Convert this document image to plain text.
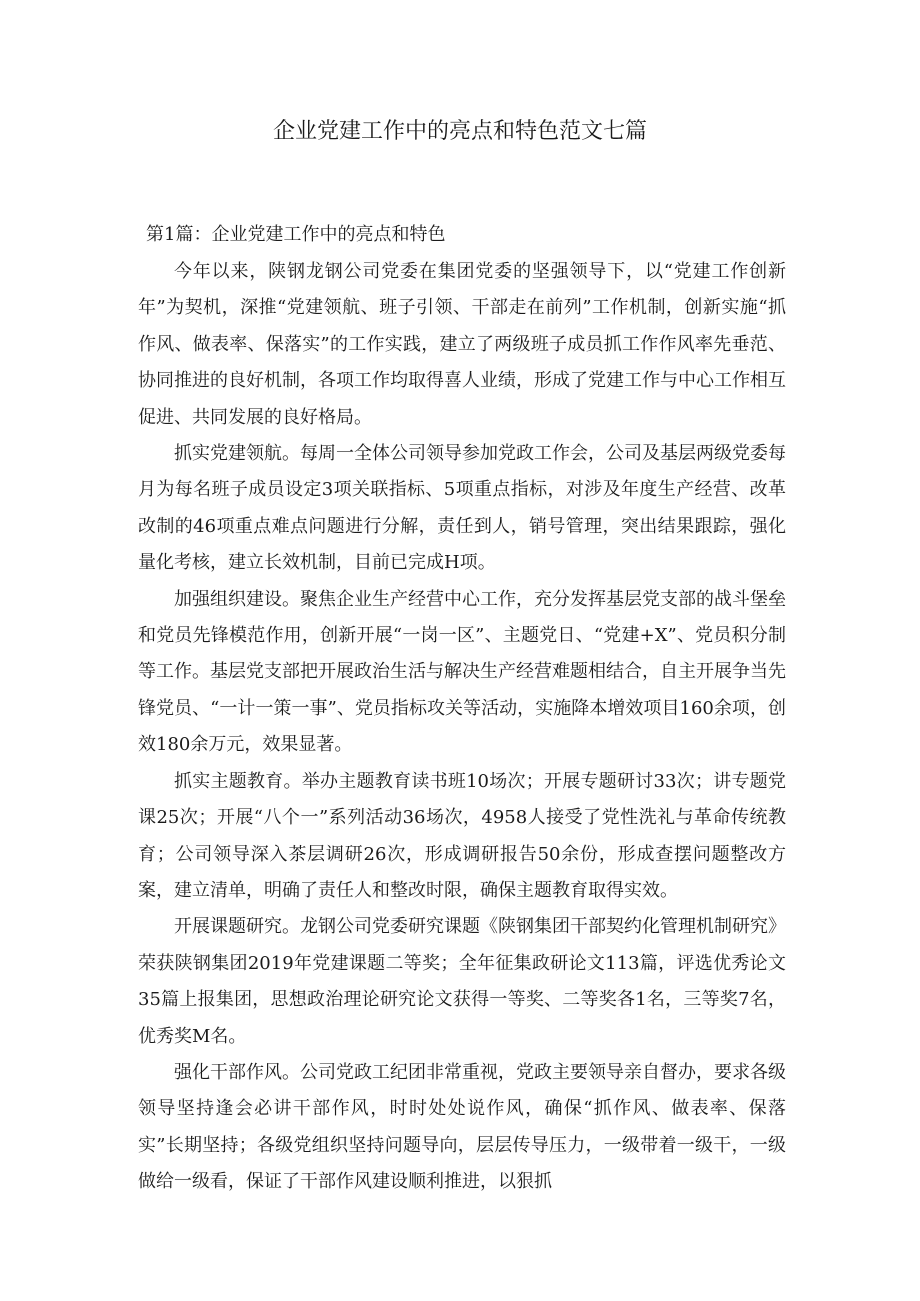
企业党建工作中的亮点和特色范文七篇

第1篇：企业党建工作中的亮点和特色

今年以来，陕钢龙钢公司党委在集团党委的坚强领导下，以“党建工作创新年”为契机，深推“党建领航、班子引领、干部走在前列”工作机制，创新实施“抓作风、做表率、保落实”的工作实践，建立了两级班子成员抓工作作风率先垂范、协同推进的良好机制，各项工作均取得喜人业绩，形成了党建工作与中心工作相互促进、共同发展的良好格局。

抓实党建领航。每周一全体公司领导参加党政工作会，公司及基层两级党委每月为每名班子成员设定3项关联指标、5项重点指标，对涉及年度生产经营、改革改制的46项重点难点问题进行分解，责任到人，销号管理，突出结果跟踪，强化量化考核，建立长效机制，目前已完成H项。

加强组织建设。聚焦企业生产经营中心工作，充分发挥基层党支部的战斗堡垒和党员先锋模范作用，创新开展“一岗一区”、主题党日、“党建+X”、党员积分制等工作。基层党支部把开展政治生活与解决生产经营难题相结合，自主开展争当先锋党员、“一计一策一事”、党员指标攻关等活动，实施降本增效项目160余项，创效180余万元，效果显著。

抓实主题教育。举办主题教育读书班10场次；开展专题研讨33次；讲专题党课25次；开展“八个一”系列活动36场次，4958人接受了党性洗礼与革命传统教育；公司领导深入茶层调研26次，形成调研报告50余份，形成查摆问题整改方案，建立清单，明确了责任人和整改时限，确保主题教育取得实效。

开展课题研究。龙钢公司党委研究课题《陕钢集团干部契约化管理机制研究》荣获陕钢集团2019年党建课题二等奖；全年征集政研论文113篇，评选优秀论文35篇上报集团，思想政治理论研究论文获得一等奖、二等奖各1名，三等奖7名，优秀奖M名。

强化干部作风。公司党政工纪团非常重视，党政主要领导亲自督办，要求各级领导坚持逢会必讲干部作风，时时处处说作风，确保“抓作风、做表率、保落实”长期坚持；各级党组织坚持问题导向，层层传导压力，一级带着一级干，一级做给一级看，保证了干部作风建设顺利推进，以狠抓
